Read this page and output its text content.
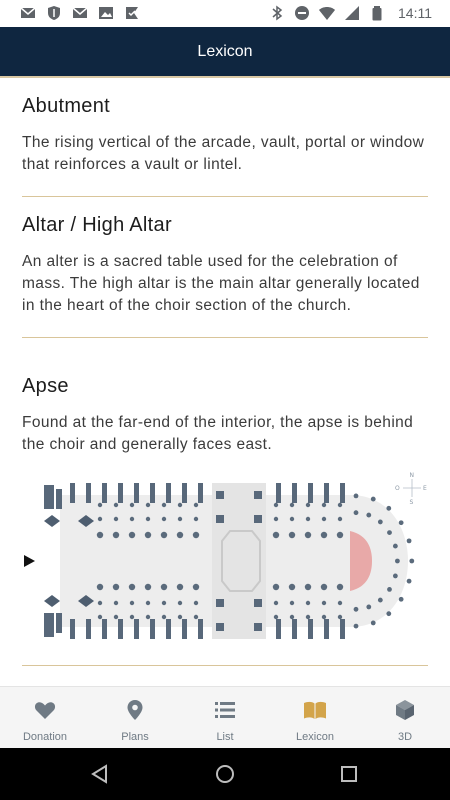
14:11
Lexicon
Abutment
The rising vertical of the arcade, vault, portal or window that reinforces a vault or lintel.
Altar / High Altar
An alter is a sacred table used for the celebration of mass. The high altar is the main altar generally located in the heart of the choir section of the church.
Apse
Found at the far-end of the interior, the apse is behind the choir and generally faces east.
N
S
E
O
Donation	Plans	List	Lexicon	3D
